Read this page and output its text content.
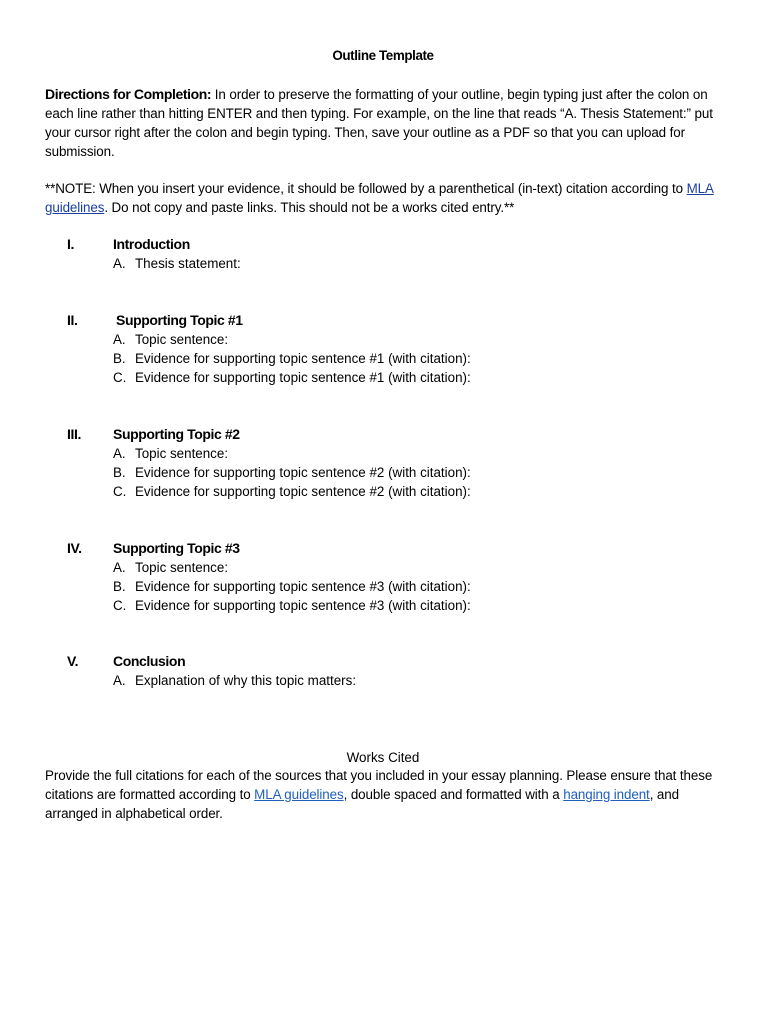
Outline Template
Directions for Completion: In order to preserve the formatting of your outline, begin typing just after the colon on each line rather than hitting ENTER and then typing. For example, on the line that reads “A. Thesis Statement:” put your cursor right after the colon and begin typing. Then, save your outline as a PDF so that you can upload for submission.
**NOTE: When you insert your evidence, it should be followed by a parenthetical (in-text) citation according to MLA guidelines. Do not copy and paste links. This should not be a works cited entry.**
I.	Introduction
A. Thesis statement:
II.	Supporting Topic #1
A. Topic sentence:
B. Evidence for supporting topic sentence #1 (with citation):
C. Evidence for supporting topic sentence #1 (with citation):
III. Supporting Topic #2
A. Topic sentence:
B. Evidence for supporting topic sentence #2 (with citation):
C. Evidence for supporting topic sentence #2 (with citation):
IV. Supporting Topic #3
A. Topic sentence:
B. Evidence for supporting topic sentence #3 (with citation):
C. Evidence for supporting topic sentence #3 (with citation):
V. Conclusion
A. Explanation of why this topic matters:
Works Cited
Provide the full citations for each of the sources that you included in your essay planning. Please ensure that these citations are formatted according to MLA guidelines, double spaced and formatted with a hanging indent, and arranged in alphabetical order.
